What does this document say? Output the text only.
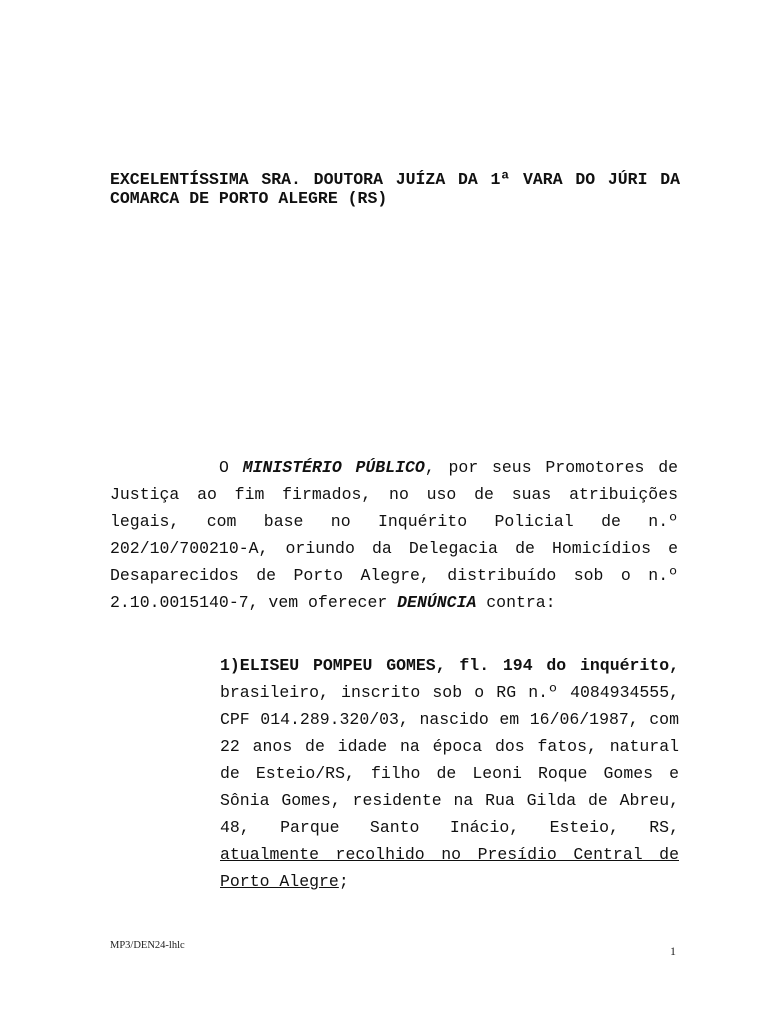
EXCELENTÍSSIMA SRA. DOUTORA JUÍZA DA 1ª VARA DO JÚRI DA
COMARCA DE PORTO ALEGRE (RS)
O MINISTÉRIO PÚBLICO, por seus Promotores de Justiça ao fim firmados, no uso de suas atribuições legais, com base no Inquérito Policial de n.º 202/10/700210-A, oriundo da Delegacia de Homicídios e Desaparecidos de Porto Alegre, distribuído sob o n.º 2.10.0015140-7, vem oferecer DENÚNCIA contra:
1)ELISEU POMPEU GOMES, fl. 194 do inquérito, brasileiro, inscrito sob o RG n.º 4084934555, CPF 014.289.320/03, nascido em 16/06/1987, com 22 anos de idade na época dos fatos, natural de Esteio/RS, filho de Leoni Roque Gomes e Sônia Gomes, residente na Rua Gilda de Abreu, 48, Parque Santo Inácio, Esteio, RS, atualmente recolhido no Presídio Central de Porto Alegre;
MP3/DEN24-lhlc	1
